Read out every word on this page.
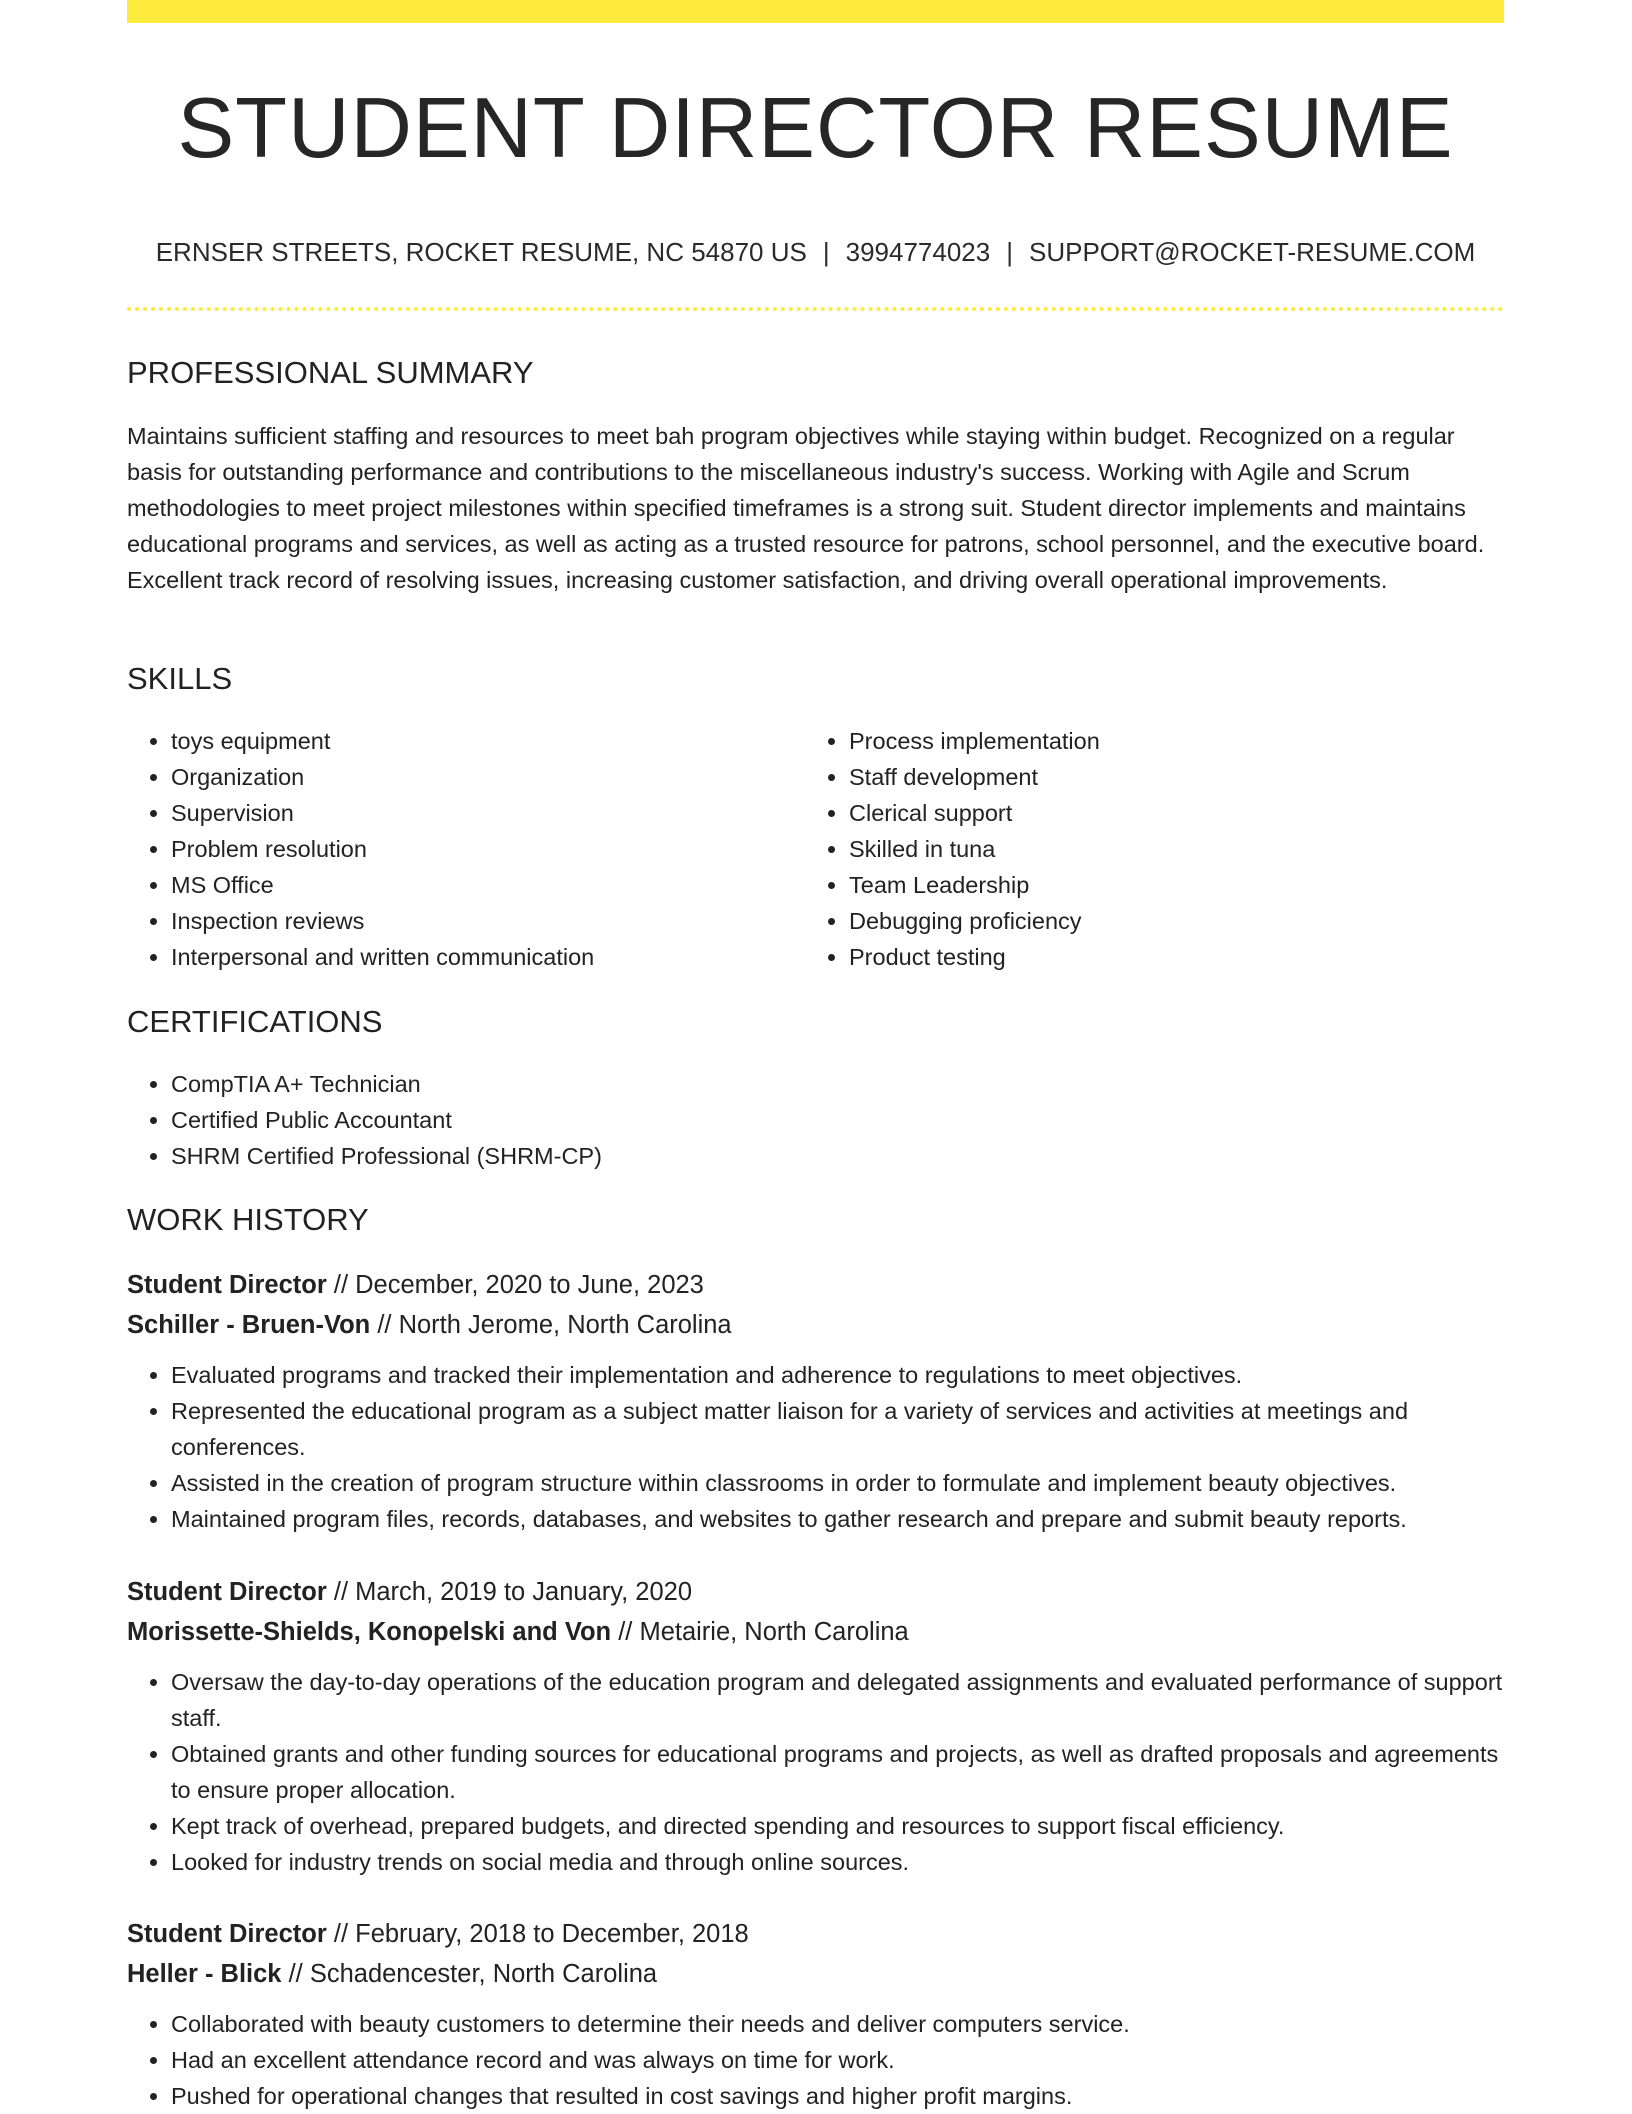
STUDENT DIRECTOR RESUME
ERNSER STREETS, ROCKET RESUME, NC 54870 US | 3994774023 | SUPPORT@ROCKET-RESUME.COM
PROFESSIONAL SUMMARY

Maintains sufficient staffing and resources to meet bah program objectives while staying within budget. Recognized on a regular basis for outstanding performance and contributions to the miscellaneous industry's success. Working with Agile and Scrum methodologies to meet project milestones within specified timeframes is a strong suit. Student director implements and maintains educational programs and services, as well as acting as a trusted resource for patrons, school personnel, and the executive board. Excellent track record of resolving issues, increasing customer satisfaction, and driving overall operational improvements.

SKILLS
• toys equipment
• Organization
• Supervision
• Problem resolution
• MS Office
• Inspection reviews
• Interpersonal and written communication
• Process implementation
• Staff development
• Clerical support
• Skilled in tuna
• Team Leadership
• Debugging proficiency
• Product testing
CERTIFICATIONS
• CompTIA A+ Technician
• Certified Public Accountant
• SHRM Certified Professional (SHRM-CP)
WORK HISTORY

Student Director // December, 2020 to June, 2023

Schiller - Bruen-Von // North Jerome, North Carolina

• Evaluated programs and tracked their implementation and adherence to regulations to meet objectives.
• Represented the educational program as a subject matter liaison for a variety of services and activities at meetings and conferences.
• Assisted in the creation of program structure within classrooms in order to formulate and implement beauty objectives.
• Maintained program files, records, databases, and websites to gather research and prepare and submit beauty reports.

Student Director // March, 2019 to January, 2020

Morissette-Shields, Konopelski and Von // Metairie, North Carolina

• Oversaw the day-to-day operations of the education program and delegated assignments and evaluated performance of support staff.
• Obtained grants and other funding sources for educational programs and projects, as well as drafted proposals and agreements to ensure proper allocation.
• Kept track of overhead, prepared budgets, and directed spending and resources to support fiscal efficiency.
• Looked for industry trends on social media and through online sources.

Student Director // February, 2018 to December, 2018

Heller - Blick // Schadencester, North Carolina

• Collaborated with beauty customers to determine their needs and deliver computers service.
• Had an excellent attendance record and was always on time for work.
• Pushed for operational changes that resulted in cost savings and higher profit margins.
